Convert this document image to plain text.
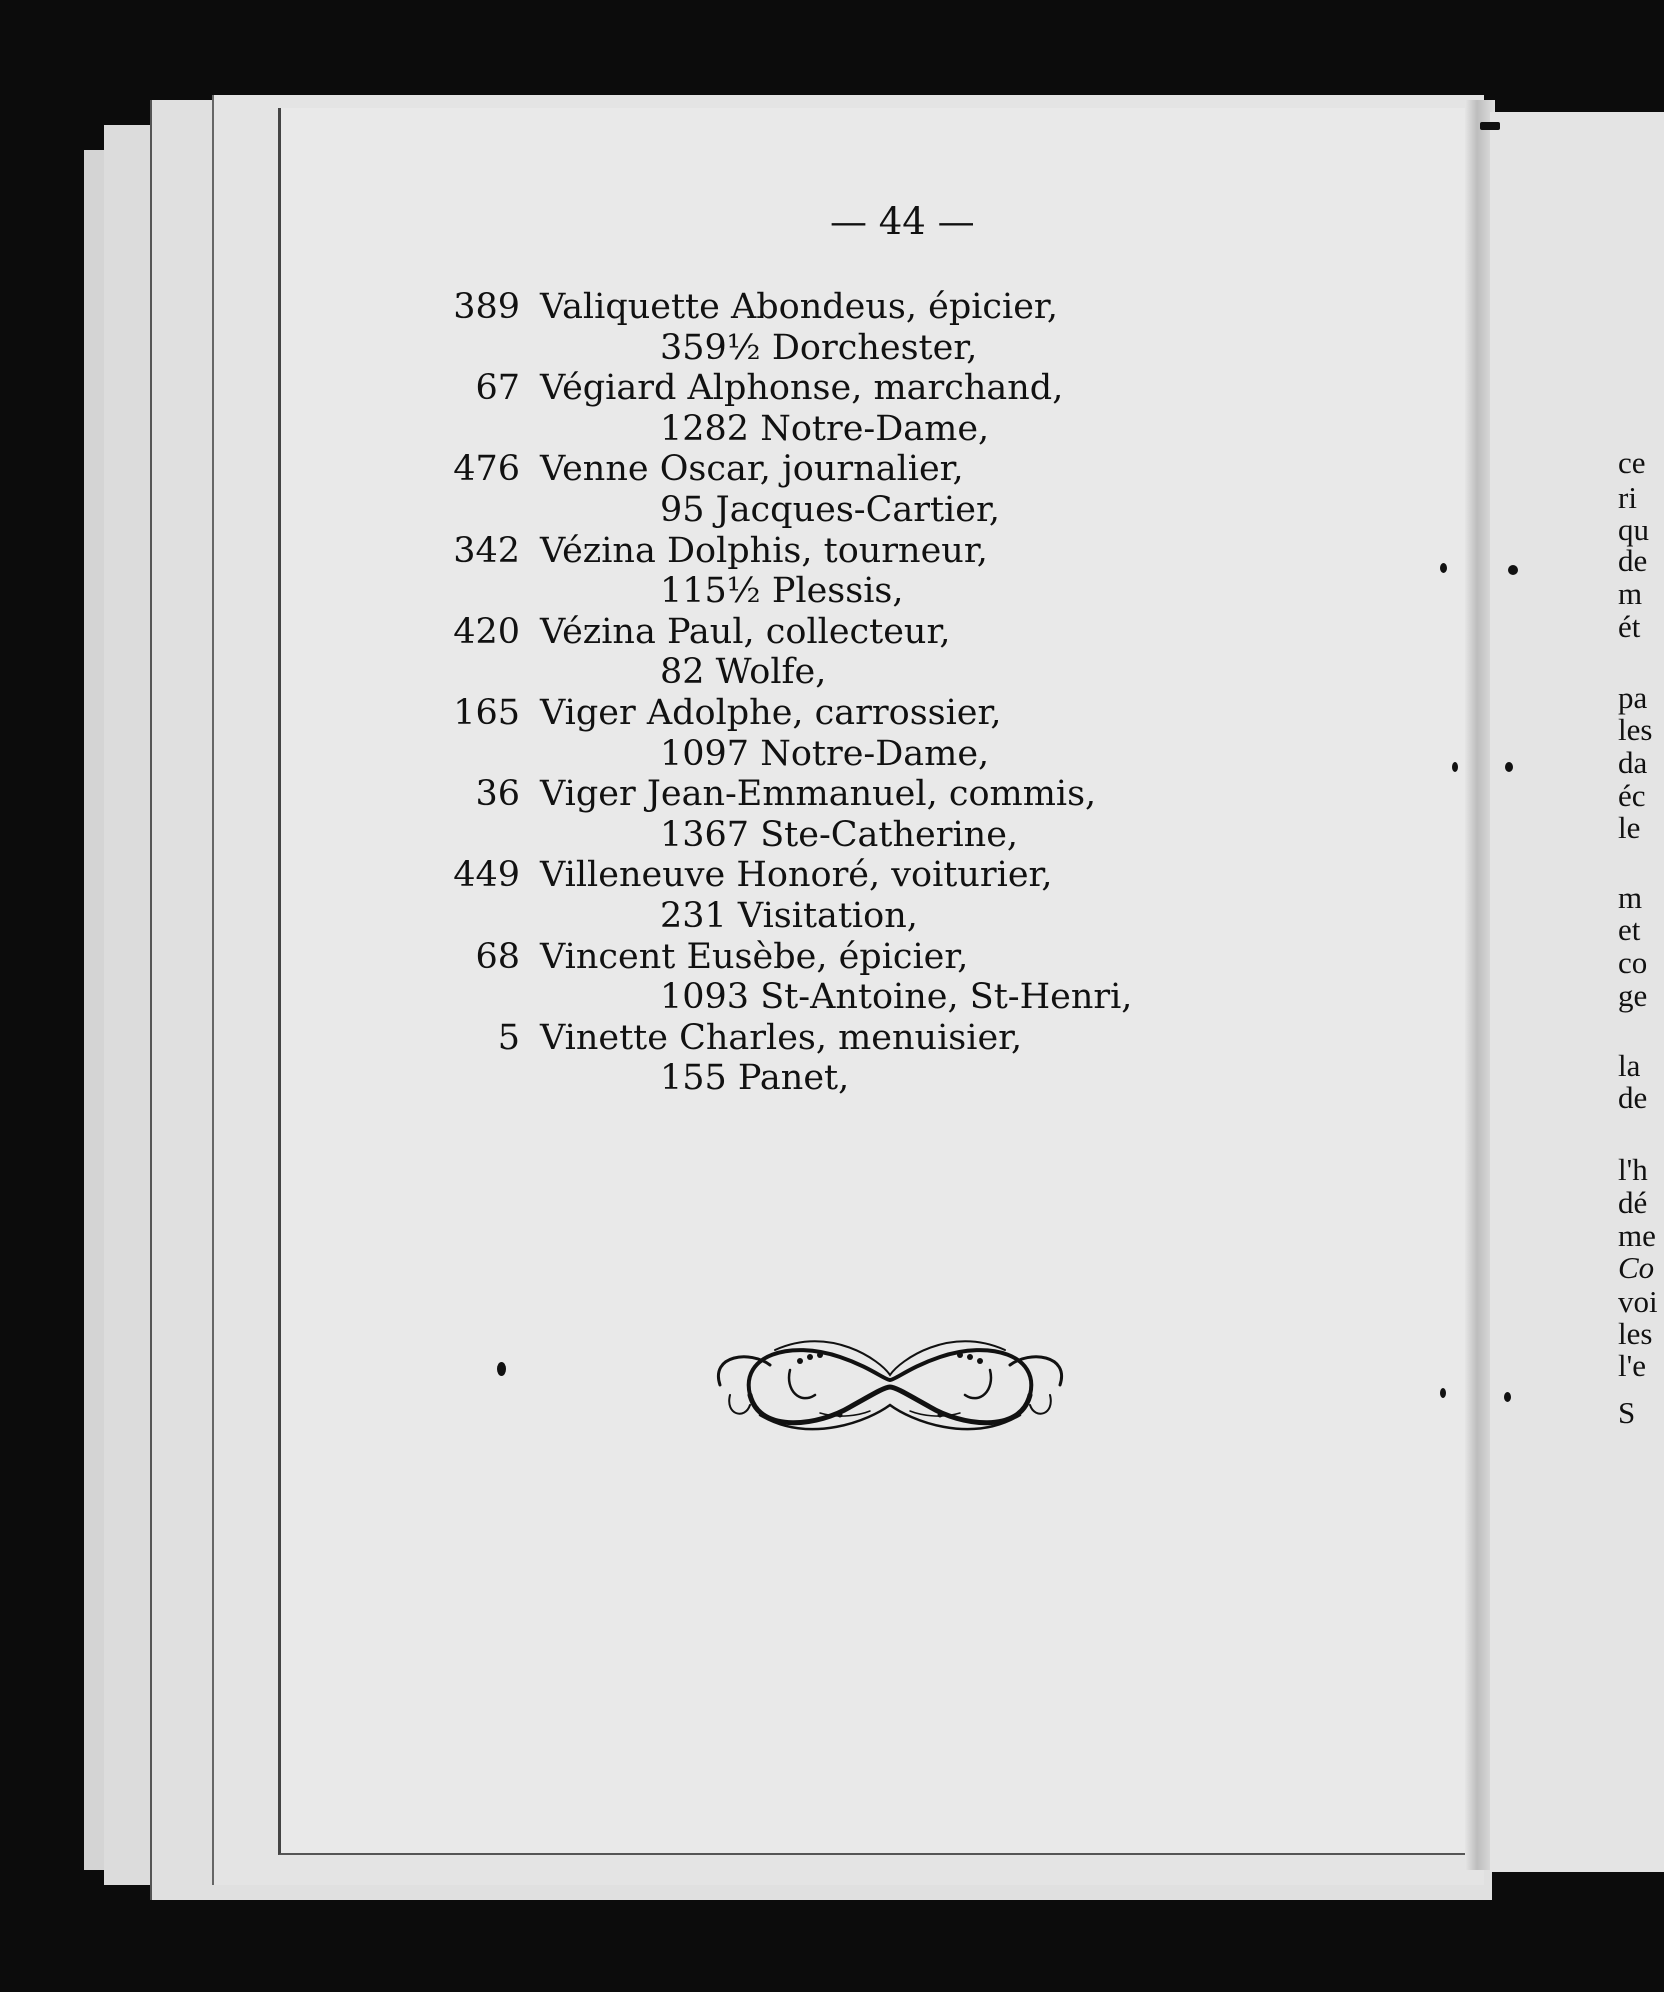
ce
ri
qu
de
m
ét
pa
les
da
éc
le
m
et
co
ge
la
de
l'h
dé
me
Co
voi
les
l'e
S
— 44 —
389 Valiquette Abondeus, épicier,
359½ Dorchester,
67 Végiard Alphonse, marchand,
1282 Notre-Dame,
476 Venne Oscar, journalier,
95 Jacques-Cartier,
342 Vézina Dolphis, tourneur,
115½ Plessis,
420 Vézina Paul, collecteur,
82 Wolfe,
165 Viger Adolphe, carrossier,
1097 Notre-Dame,
36 Viger Jean-Emmanuel, commis,
1367 Ste-Catherine,
449 Villeneuve Honoré, voiturier,
231 Visitation,
68 Vincent Eusèbe, épicier,
1093 St-Antoine, St-Henri,
5 Vinette Charles, menuisier,
155 Panet,
